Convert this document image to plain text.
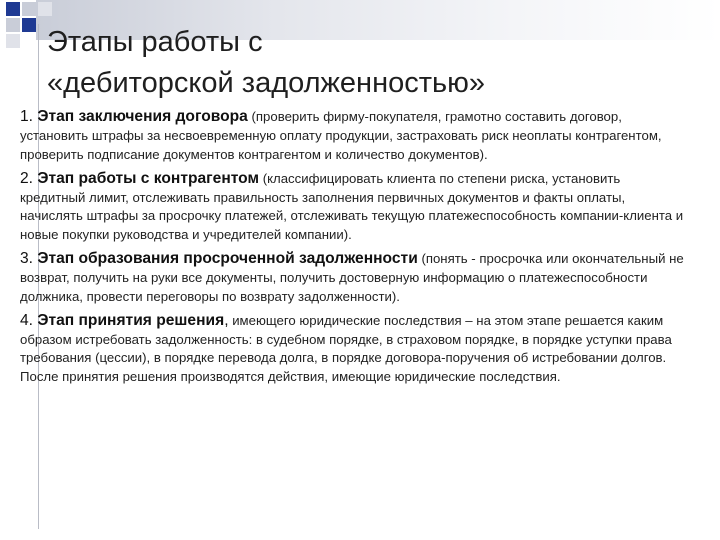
Этапы работы с
«дебиторской задолженностью»

1. Этап заключения договора (проверить фирму-покупателя, грамотно составить договор, установить штрафы за несвоевременную оплату продукции, застраховать риск неоплаты контрагентом, проверить подписание документов контрагентом и количество документов).

2. Этап работы с контрагентом (классифицировать клиента по степени риска, установить кредитный лимит, отслеживать правильность заполнения первичных документов и факты оплаты, начислять штрафы за просрочку платежей, отслеживать текущую платежеспособность компании-клиента и новые покупки руководства и учредителей компании).

3. Этап образования просроченной задолженности (понять - просрочка или окончательный не возврат, получить на руки все документы, получить достоверную информацию о платежеспособности должника, провести переговоры по возврату задолженности).

4. Этап принятия решения, имеющего юридические последствия – на этом этапе решается каким образом истребовать задолженность: в судебном порядке, в страховом порядке, в порядке уступки права требования (цессии), в порядке перевода долга, в порядке договора-поручения об истребовании долгов. После принятия решения производятся действия, имеющие юридические последствия.
